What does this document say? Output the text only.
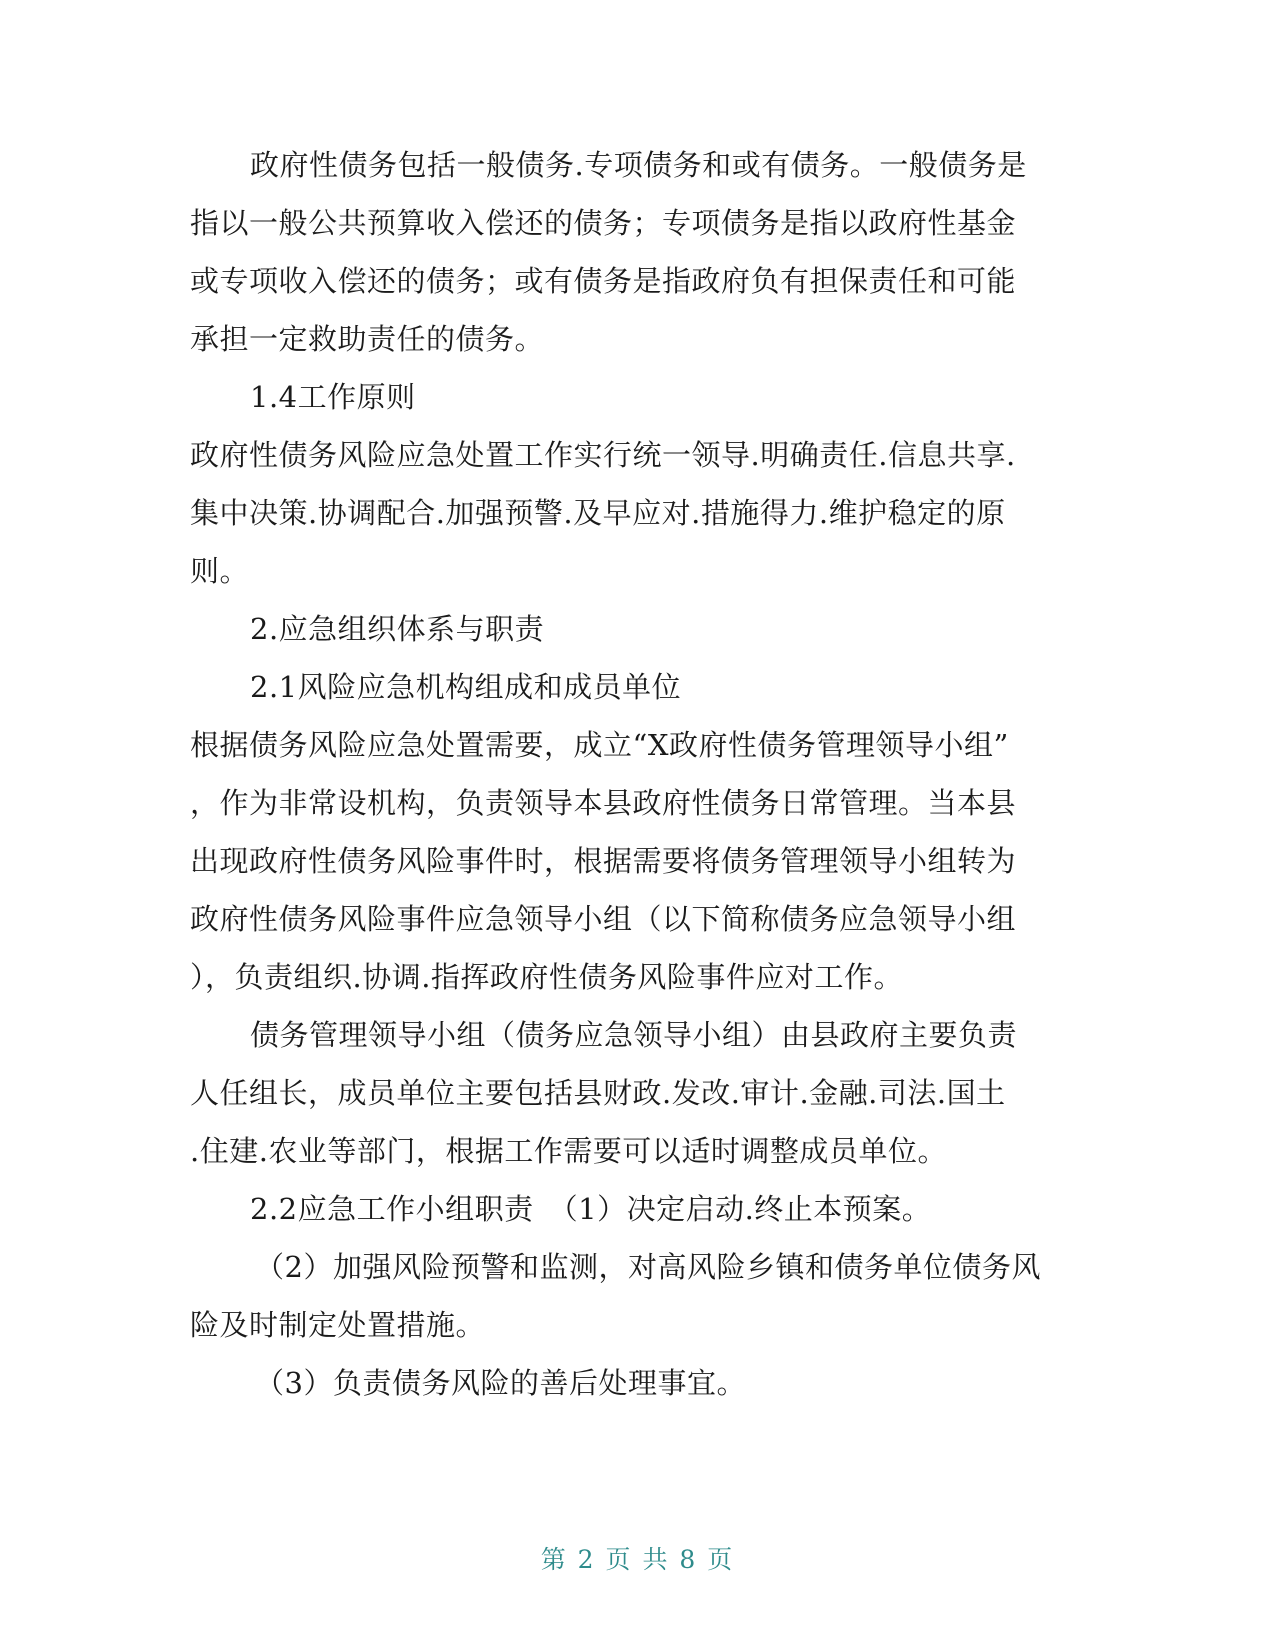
政府性债务包括一般债务.专项债务和或有债务。一般债务是
指以一般公共预算收入偿还的债务；专项债务是指以政府性基金
或专项收入偿还的债务；或有债务是指政府负有担保责任和可能
承担一定救助责任的债务。
1.4工作原则
政府性债务风险应急处置工作实行统一领导.明确责任.信息共享.
集中决策.协调配合.加强预警.及早应对.措施得力.维护稳定的原
则。
2.应急组织体系与职责
2.1风险应急机构组成和成员单位
根据债务风险应急处置需要，成立“X政府性债务管理领导小组”
，作为非常设机构，负责领导本县政府性债务日常管理。当本县
出现政府性债务风险事件时，根据需要将债务管理领导小组转为
政府性债务风险事件应急领导小组（以下简称债务应急领导小组
），负责组织.协调.指挥政府性债务风险事件应对工作。
债务管理领导小组（债务应急领导小组）由县政府主要负责
人任组长，成员单位主要包括县财政.发改.审计.金融.司法.国土
.住建.农业等部门，根据工作需要可以适时调整成员单位。
2.2应急工作小组职责　（1）决定启动.终止本预案。
（2）加强风险预警和监测，对高风险乡镇和债务单位债务风
险及时制定处置措施。
（3）负责债务风险的善后处理事宜。
第 2 页 共 8 页
